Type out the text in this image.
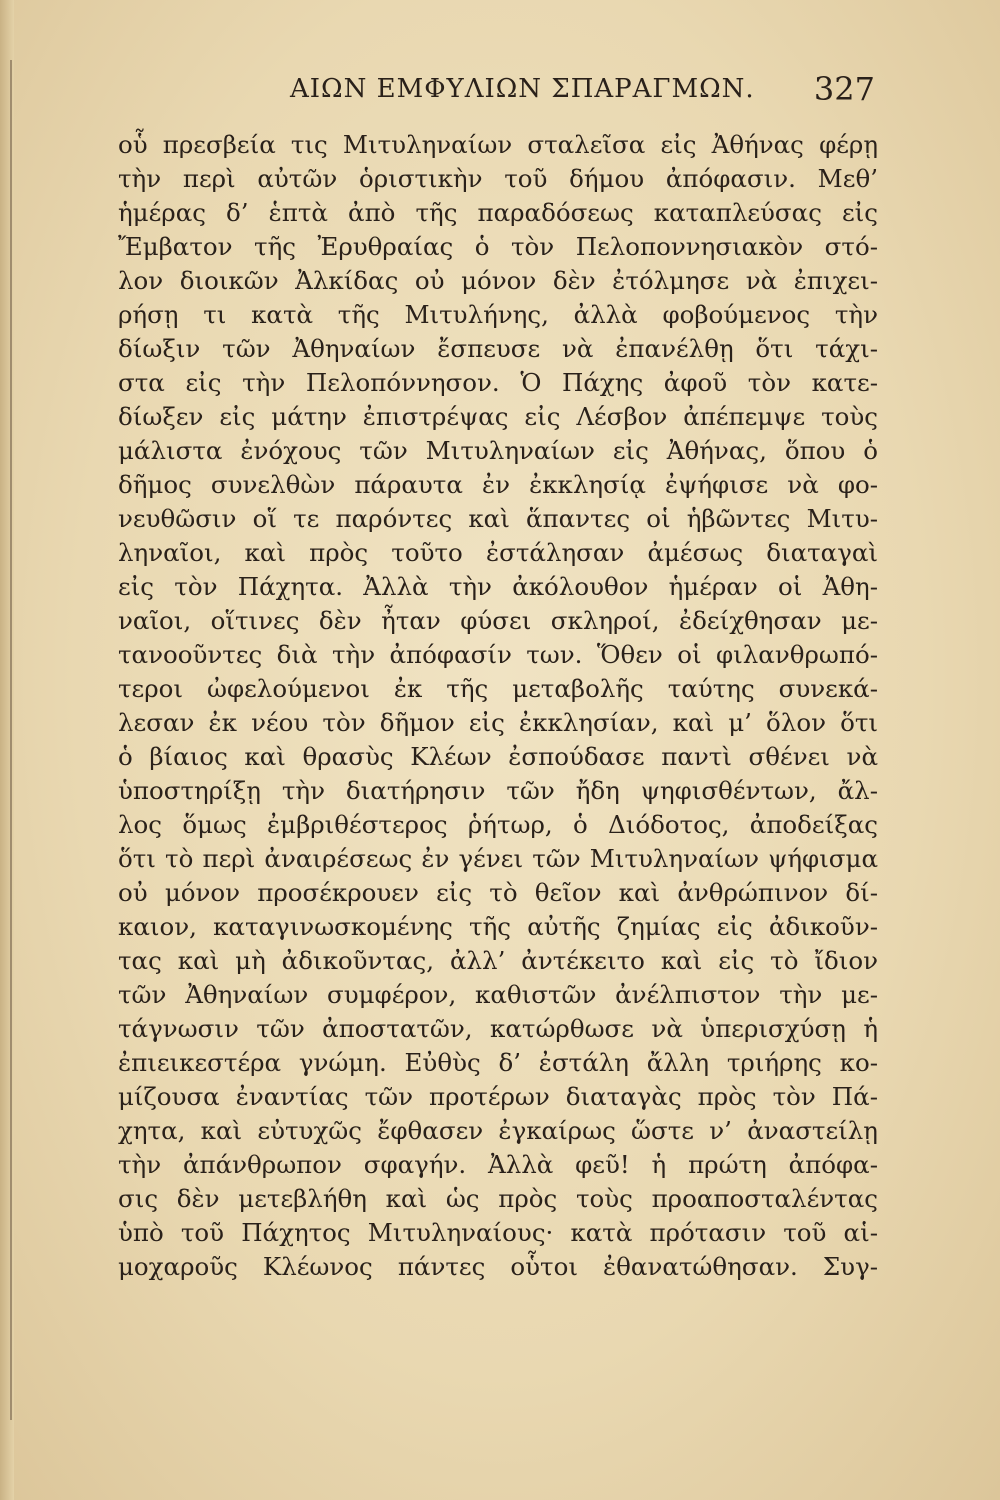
ΑΙΩΝ ΕΜΦΥΛΙΩΝ ΣΠΑΡΑΓΜΩΝ. 327
οὗ πρεσβεία τις Μιτυληναίων σταλεῖσα εἰς Ἀθήνας φέρῃ
τὴν περὶ αὐτῶν ὁριστικὴν τοῦ δήμου ἀπόφασιν. Μεθ’
ἡμέρας δ’ ἑπτὰ ἀπὸ τῆς παραδόσεως καταπλεύσας εἰς
Ἔμβατον τῆς Ἐρυθραίας ὁ τὸν Πελοποννησιακὸν στό-
λον διοικῶν Ἀλκίδας οὐ μόνον δὲν ἐτόλμησε νὰ ἐπιχει-
ρήσῃ τι κατὰ τῆς Μιτυλήνης, ἀλλὰ φοβούμενος τὴν
δίωξιν τῶν Ἀθηναίων ἔσπευσε νὰ ἐπανέλθῃ ὅτι τάχι-
στα εἰς τὴν Πελοπόννησον. Ὁ Πάχης ἀφοῦ τὸν κατε-
δίωξεν εἰς μάτην ἐπιστρέψας εἰς Λέσβον ἀπέπεμψε τοὺς
μάλιστα ἐνόχους τῶν Μιτυληναίων εἰς Ἀθήνας, ὅπου ὁ
δῆμος συνελθὼν πάραυτα ἐν ἐκκλησίᾳ ἐψήφισε νὰ φο-
νευθῶσιν οἵ τε παρόντες καὶ ἅπαντες οἱ ἡβῶντες Μιτυ-
ληναῖοι, καὶ πρὸς τοῦτο ἐστάλησαν ἀμέσως διαταγαὶ
εἰς τὸν Πάχητα. Ἀλλὰ τὴν ἀκόλουθον ἡμέραν οἱ Ἀθη-
ναῖοι, οἵτινες δὲν ἦταν φύσει σκληροί, ἐδείχθησαν με-
τανοοῦντες διὰ τὴν ἀπόφασίν των. Ὅθεν οἱ φιλανθρωπό-
τεροι ὠφελούμενοι ἐκ τῆς μεταβολῆς ταύτης συνεκά-
λεσαν ἐκ νέου τὸν δῆμον εἰς ἐκκλησίαν, καὶ μ’ ὅλον ὅτι
ὁ βίαιος καὶ θρασὺς Κλέων ἐσπούδασε παντὶ σθένει νὰ
ὑποστηρίξῃ τὴν διατήρησιν τῶν ἤδη ψηφισθέντων, ἄλ-
λος ὅμως ἐμβριθέστερος ῥήτωρ, ὁ Διόδοτος, ἀποδείξας
ὅτι τὸ περὶ ἀναιρέσεως ἐν γένει τῶν Μιτυληναίων ψήφισμα
οὐ μόνον προσέκρουεν εἰς τὸ θεῖον καὶ ἀνθρώπινον δί-
καιον, καταγινωσκομένης τῆς αὐτῆς ζημίας εἰς ἀδικοῦν-
τας καὶ μὴ ἀδικοῦντας, ἀλλ’ ἀντέκειτο καὶ εἰς τὸ ἴδιον
τῶν Ἀθηναίων συμφέρον, καθιστῶν ἀνέλπιστον τὴν με-
τάγνωσιν τῶν ἀποστατῶν, κατώρθωσε νὰ ὑπερισχύσῃ ἡ
ἐπιεικεστέρα γνώμη. Εὐθὺς δ’ ἐστάλη ἄλλη τριήρης κο-
μίζουσα ἐναντίας τῶν προτέρων διαταγὰς πρὸς τὸν Πά-
χητα, καὶ εὐτυχῶς ἔφθασεν ἐγκαίρως ὥστε ν’ ἀναστείλῃ
τὴν ἀπάνθρωπον σφαγήν. Ἀλλὰ φεῦ! ἡ πρώτη ἀπόφα-
σις δὲν μετεβλήθη καὶ ὡς πρὸς τοὺς προαποσταλέντας
ὑπὸ τοῦ Πάχητος Μιτυληναίους· κατὰ πρότασιν τοῦ αἱ-
μοχαροῦς Κλέωνος πάντες οὗτοι ἐθανατώθησαν. Συγ-
